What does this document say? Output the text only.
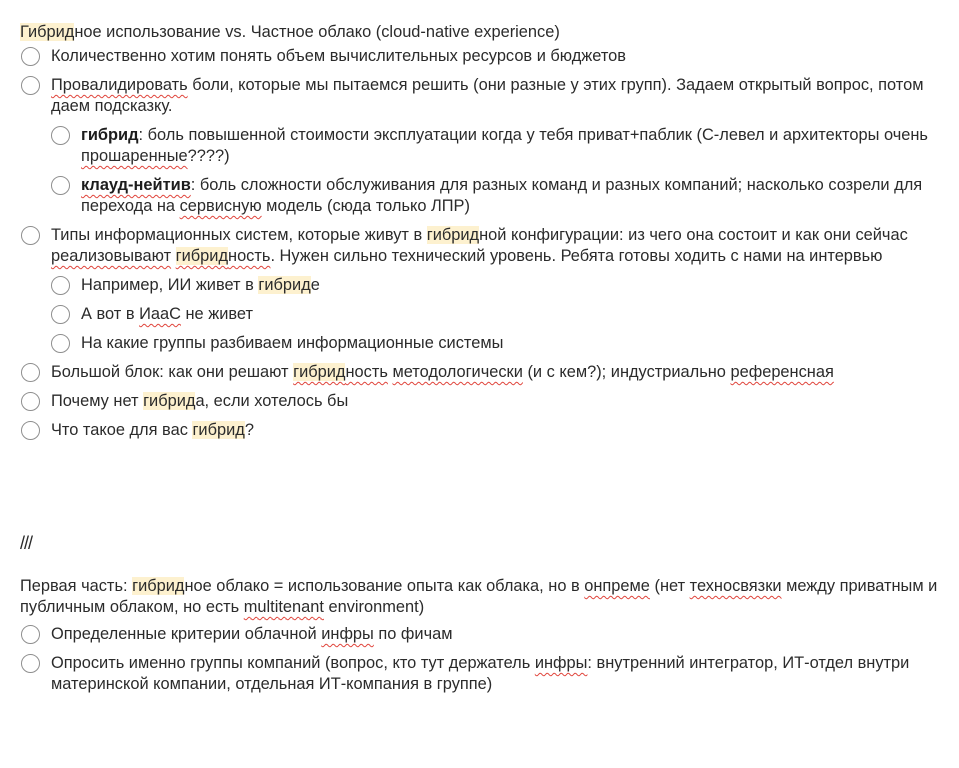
Гибридное использование vs. Частное облако (cloud-native experience)

Количественно хотим понять объем вычислительных ресурсов и бюджетов
Провалидировать боли, которые мы пытаемся решить (они разные у этих групп). Задаем открытый вопрос, потом даем подсказку.
гибрид: боль повышенной стоимости эксплуатации когда у тебя приват+паблик (С-левел и архитекторы очень прошаренные????)
клауд-нейтив: боль сложности обслуживания для разных команд и разных компаний; насколько созрели для перехода на сервисную модель (сюда только ЛПР)
Типы информационных систем, которые живут в гибридной конфигурации: из чего она состоит и как они сейчас реализовывают гибридность. Нужен сильно технический уровень. Ребята готовы ходить с нами на интервью
Например, ИИ живет в гибриде
А вот в ИааС не живет
На какие группы разбиваем информационные системы
Большой блок: как они решают гибридность методологически (и с кем?); индустриально референсная
Почему нет гибрида, если хотелось бы
Что такое для вас гибрид?

///

Первая часть: гибридное облако = использование опыта как облака, но в онпреме (нет техносвязки между приватным и публичным облаком, но есть multitenant environment)

Определенные критерии облачной инфры по фичам
Опросить именно группы компаний (вопрос, кто тут держатель инфры: внутренний интегратор, ИТ-отдел внутри материнской компании, отдельная ИТ-компания в группе)
